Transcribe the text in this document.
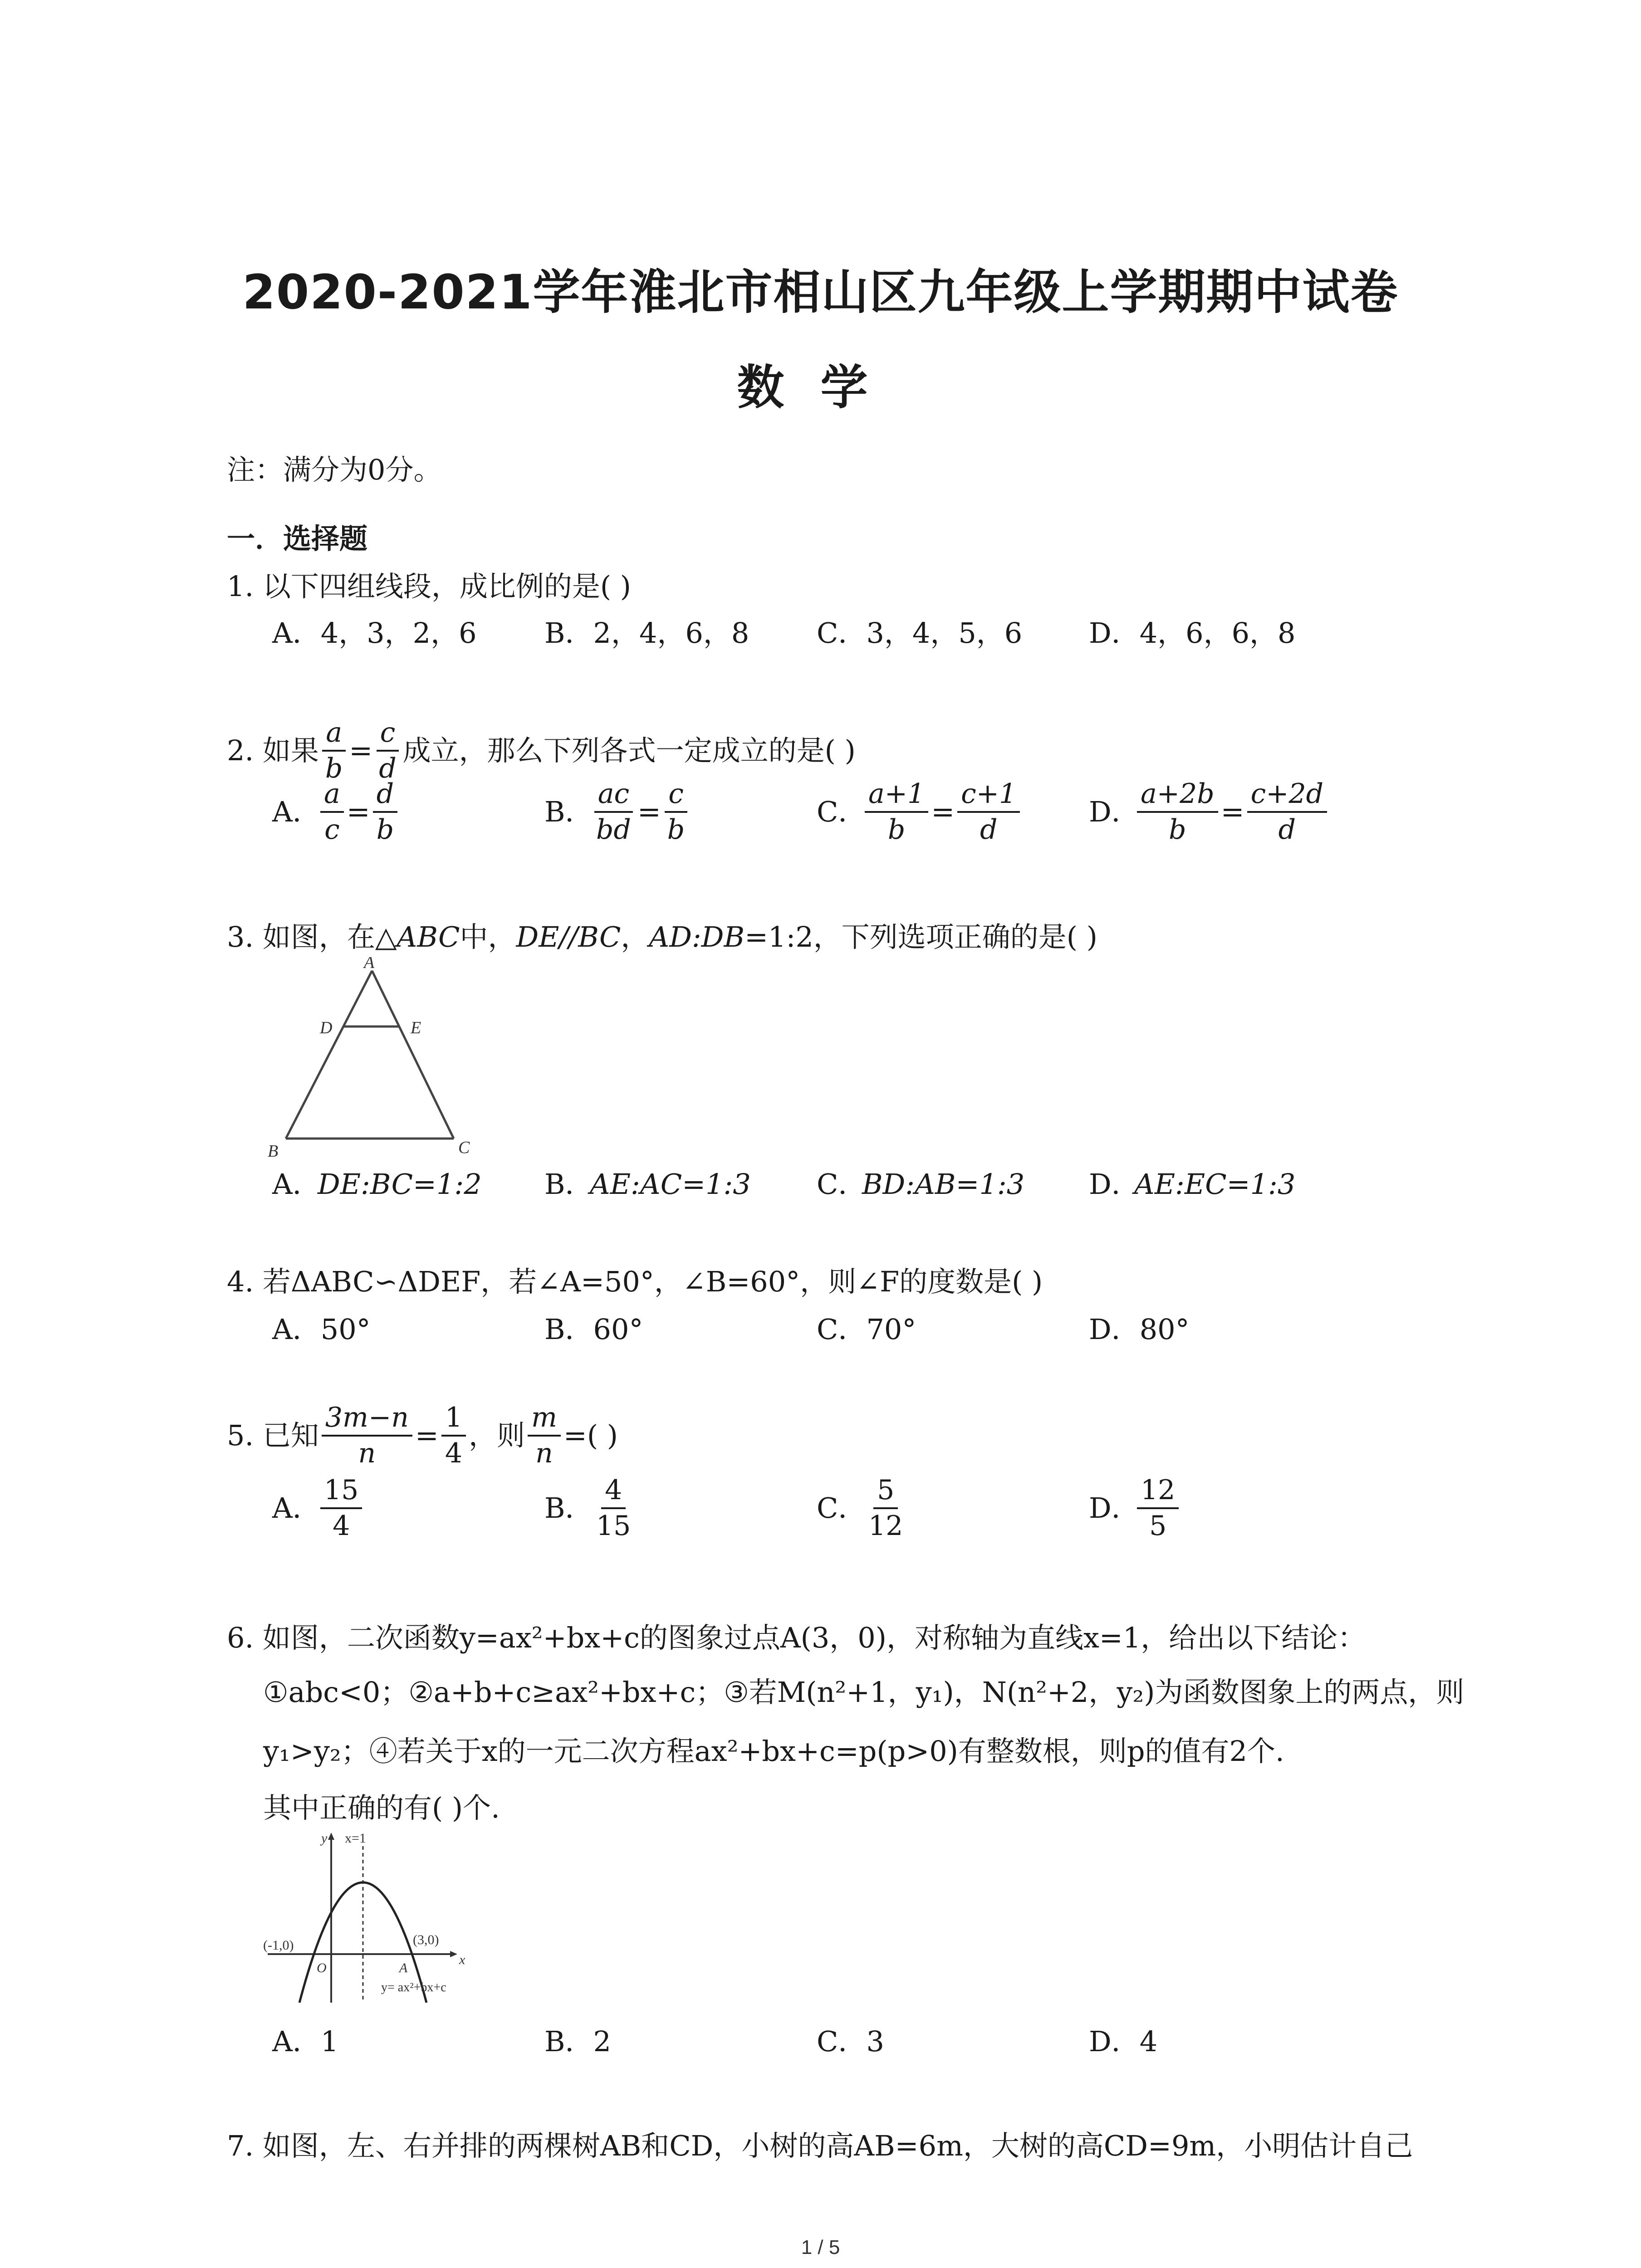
2020-2021学年淮北市相山区九年级上学期期中试卷
数学
注：满分为0分。
一．选择题
1. 以下四组线段，成比例的是( )
A．4，3，2，6 B．2，4，6，8 C．3，4，5，6 D．4，6，6，8
2. 如果 $\frac{a}{b} = \frac{c}{d}$ 成立，那么下列各式一定成立的是( )
A． $\frac{a}{c} = \frac{d}{b}$	B．
$\frac{ac}{bd} = \frac{c}{b}$	C．
$\frac{a+1}{b} = \frac{c+1}{d}$ D．
$\frac{a+2b}{b} = \frac{c+2d}{d}$
3. 如图，在△ABC中，DE//BC，AD:DB=1:2，下列选项正确的是( )
A
D	E
B	C
A．DE:BC=1:2 B．AE:AC=1:3 C．BD:AB=1:3 D．AE:EC=1:3
4. 若ΔABC∽ΔDEF，若∠A=50°，∠B=60°，则∠F的度数是( )
A．50°	B．60°	C．70°	D．80°
5. 已知 $\frac{3m-n}{n} = \frac{1}{4}$ ，则 $\frac{m}{n}$ =( )
A． $\frac{15}{4}$	B．
$\frac{4}{15}$	C．
$\frac{5}{12}$	D．
$\frac{12}{5}$
6. 如图，二次函数y=ax²+bx+c的图象过点A(3，0)，对称轴为直线x=1，给出以下结论：
①abc<0；②a+b+c≥ax²+bx+c；③若M(n²+1，y₁)，N(n²+2，y₂)为函数图象上的两点，则
y₁>y₂；④若关于x的一元二次方程ax²+bx+c=p(p>0)有整数根，则p的值有2个.
其中正确的有( )个.
y x=1
x
(-1,0)	(3,0)
O	A
y= ax²+bx+c
A．1	B．2	C．3	D．4
7. 如图，左、右并排的两棵树AB和CD，小树的高AB=6m，大树的高CD=9m，小明估计自己
1 / 5
